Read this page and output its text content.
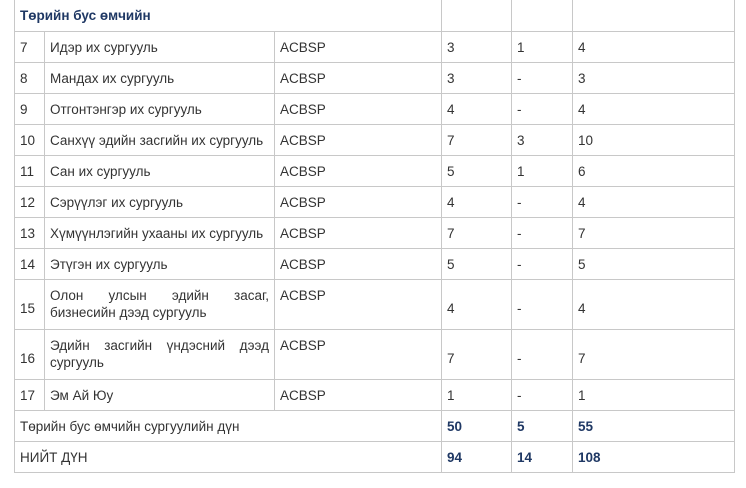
Төрийн бус өмчийн					
7	Идэр их сургууль	ACBSP	3	1	4
8	Мандах их сургууль	ACBSP	3	-	3
9	Отгонтэнгэр их сургууль	ACBSP	4	-	4
10	Санхүү эдийн засгийн их сургууль	ACBSP	7	3	10
11	Сан их сургууль	ACBSP	5	1	6
12	Сэрүүлэг их сургууль	ACBSP	4	-	4
13	Хүмүүнлэгийн ухааны их сургууль	ACBSP	7	-	7
14	Этүгэн их сургууль	ACBSP	5	-	5
15	Олон улсын эдийн засаг, бизнесийн дээд сургууль	ACBSP	4	-	4
16	Эдийн засгийн үндэсний дээд сургууль	ACBSP	7	-	7
17	Эм Ай Юу	ACBSP	1	-	1
Төрийн бус өмчийн сургуулийн дүн			50	5	55
НИЙТ ДҮН			94	14	108
